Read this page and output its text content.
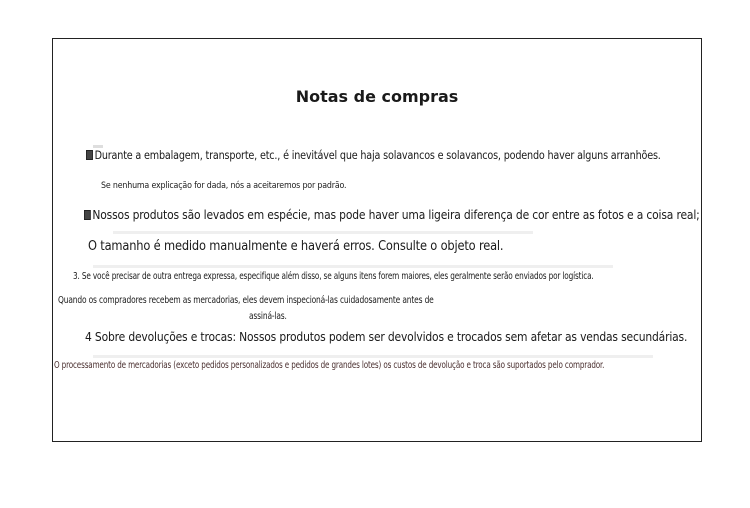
Notas de compras
Durante a embalagem, transporte, etc., é inevitável que haja solavancos e solavancos, podendo haver alguns arranhões.
Se nenhuma explicação for dada, nós a aceitaremos por padrão.
Nossos produtos são levados em espécie, mas pode haver uma ligeira diferença de cor entre as fotos e a coisa real;
O tamanho é medido manualmente e haverá erros. Consulte o objeto real.
3. Se você precisar de outra entrega expressa, especifique além disso, se alguns itens forem maiores, eles geralmente serão enviados por logística.
Quando os compradores recebem as mercadorias, eles devem inspecioná-las cuidadosamente antes de
assiná-las.
4 Sobre devoluções e trocas: Nossos produtos podem ser devolvidos e trocados sem afetar as vendas secundárias.
O processamento de mercadorias (exceto pedidos personalizados e pedidos de grandes lotes) os custos de devolução e troca são suportados pelo comprador.
